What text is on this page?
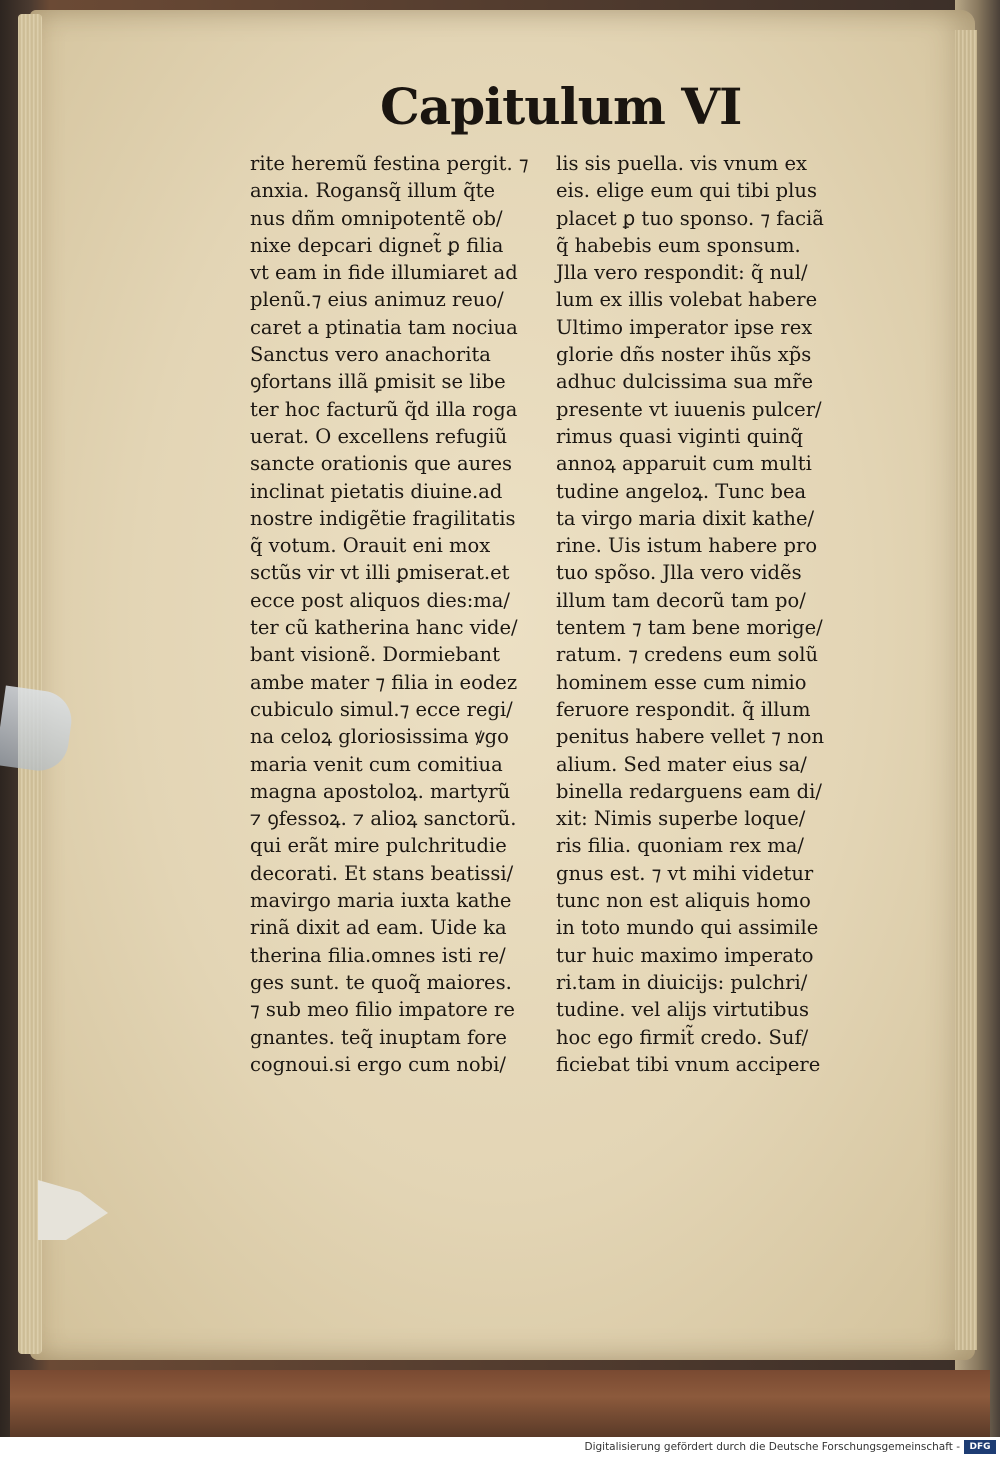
Capitulum VI
rite heremũ festina pergit. ⁊
anxia. Rogansq̃ illum q̃te
nus dñm omnipotentẽ ob/
nixe depcari dignet̃ ꝑ filia
vt eam in fide illumiaret ad
plenũ.⁊ eius animuz reuo/
caret a ptinatia tam nociua
Sanctus vero anachorita
ꝯfortans illã ꝑmisit se libe
ter hoc facturũ q̃d illa roga
uerat. O excellens refugiũ
sancte orationis que aures
inclinat pietatis diuine.ad
nostre indigẽtie fragilitatis
q̃ votum. Orauit eni mox
sctũs vir vt illi ꝑmiserat.et
ecce post aliquos dies:ma/
ter cũ katherina hanc vide/
bant visionẽ. Dormiebant
ambe mater ⁊ filia in eodez
cubiculo simul.⁊ ecce regi/
na celoꝝ gloriosissima ꝟgo
maria venit cum comitiua
magna apostoloꝝ. martyrũ
⁊ ꝯfessoꝝ. ⁊ alioꝝ sanctorũ.
qui erãt mire pulchritudie
decorati. Et stans beatissi/
mavirgo maria iuxta kathe
rinã dixit ad eam. Uide ka
therina filia.omnes isti re/
ges sunt. te quoq̃ maiores.
⁊ sub meo filio impatore re
gnantes. teq̃ inuptam fore
cognoui.si ergo cum nobi/
lis sis puella. vis vnum ex
eis. elige eum qui tibi plus
placet ꝑ tuo sponso. ⁊ faciã
q̃ habebis eum sponsum.
Jlla vero respondit: q̃ nul/
lum ex illis volebat habere
Ultimo imperator ipse rex
glorie dñs noster ihũs xp̃s
adhuc dulcissima sua mr̃e
presente vt iuuenis pulcer/
rimus quasi viginti quinq̃
annoꝝ apparuit cum multi
tudine angeloꝝ. Tunc bea
ta virgo maria dixit kathe/
rine. Uis istum habere pro
tuo spõso. Jlla vero vidẽs
illum tam decorũ tam po/
tentem ⁊ tam bene morige/
ratum. ⁊ credens eum solũ
hominem esse cum nimio
feruore respondit. q̃ illum
penitus habere vellet ⁊ non
alium. Sed mater eius sa/
binella redarguens eam di/
xit: Nimis superbe loque/
ris filia. quoniam rex ma/
gnus est. ⁊ vt mihi videtur
tunc non est aliquis homo
in toto mundo qui assimile
tur huic maximo imperato
ri.tam in diuicijs: pulchri/
tudine. vel alijs virtutibus
hoc ego firmit̃ credo. Suf/
ficiebat tibi vnum accipere
Digitalisierung gefördert durch die Deutsche Forschungsgemeinschaft -	DFG
